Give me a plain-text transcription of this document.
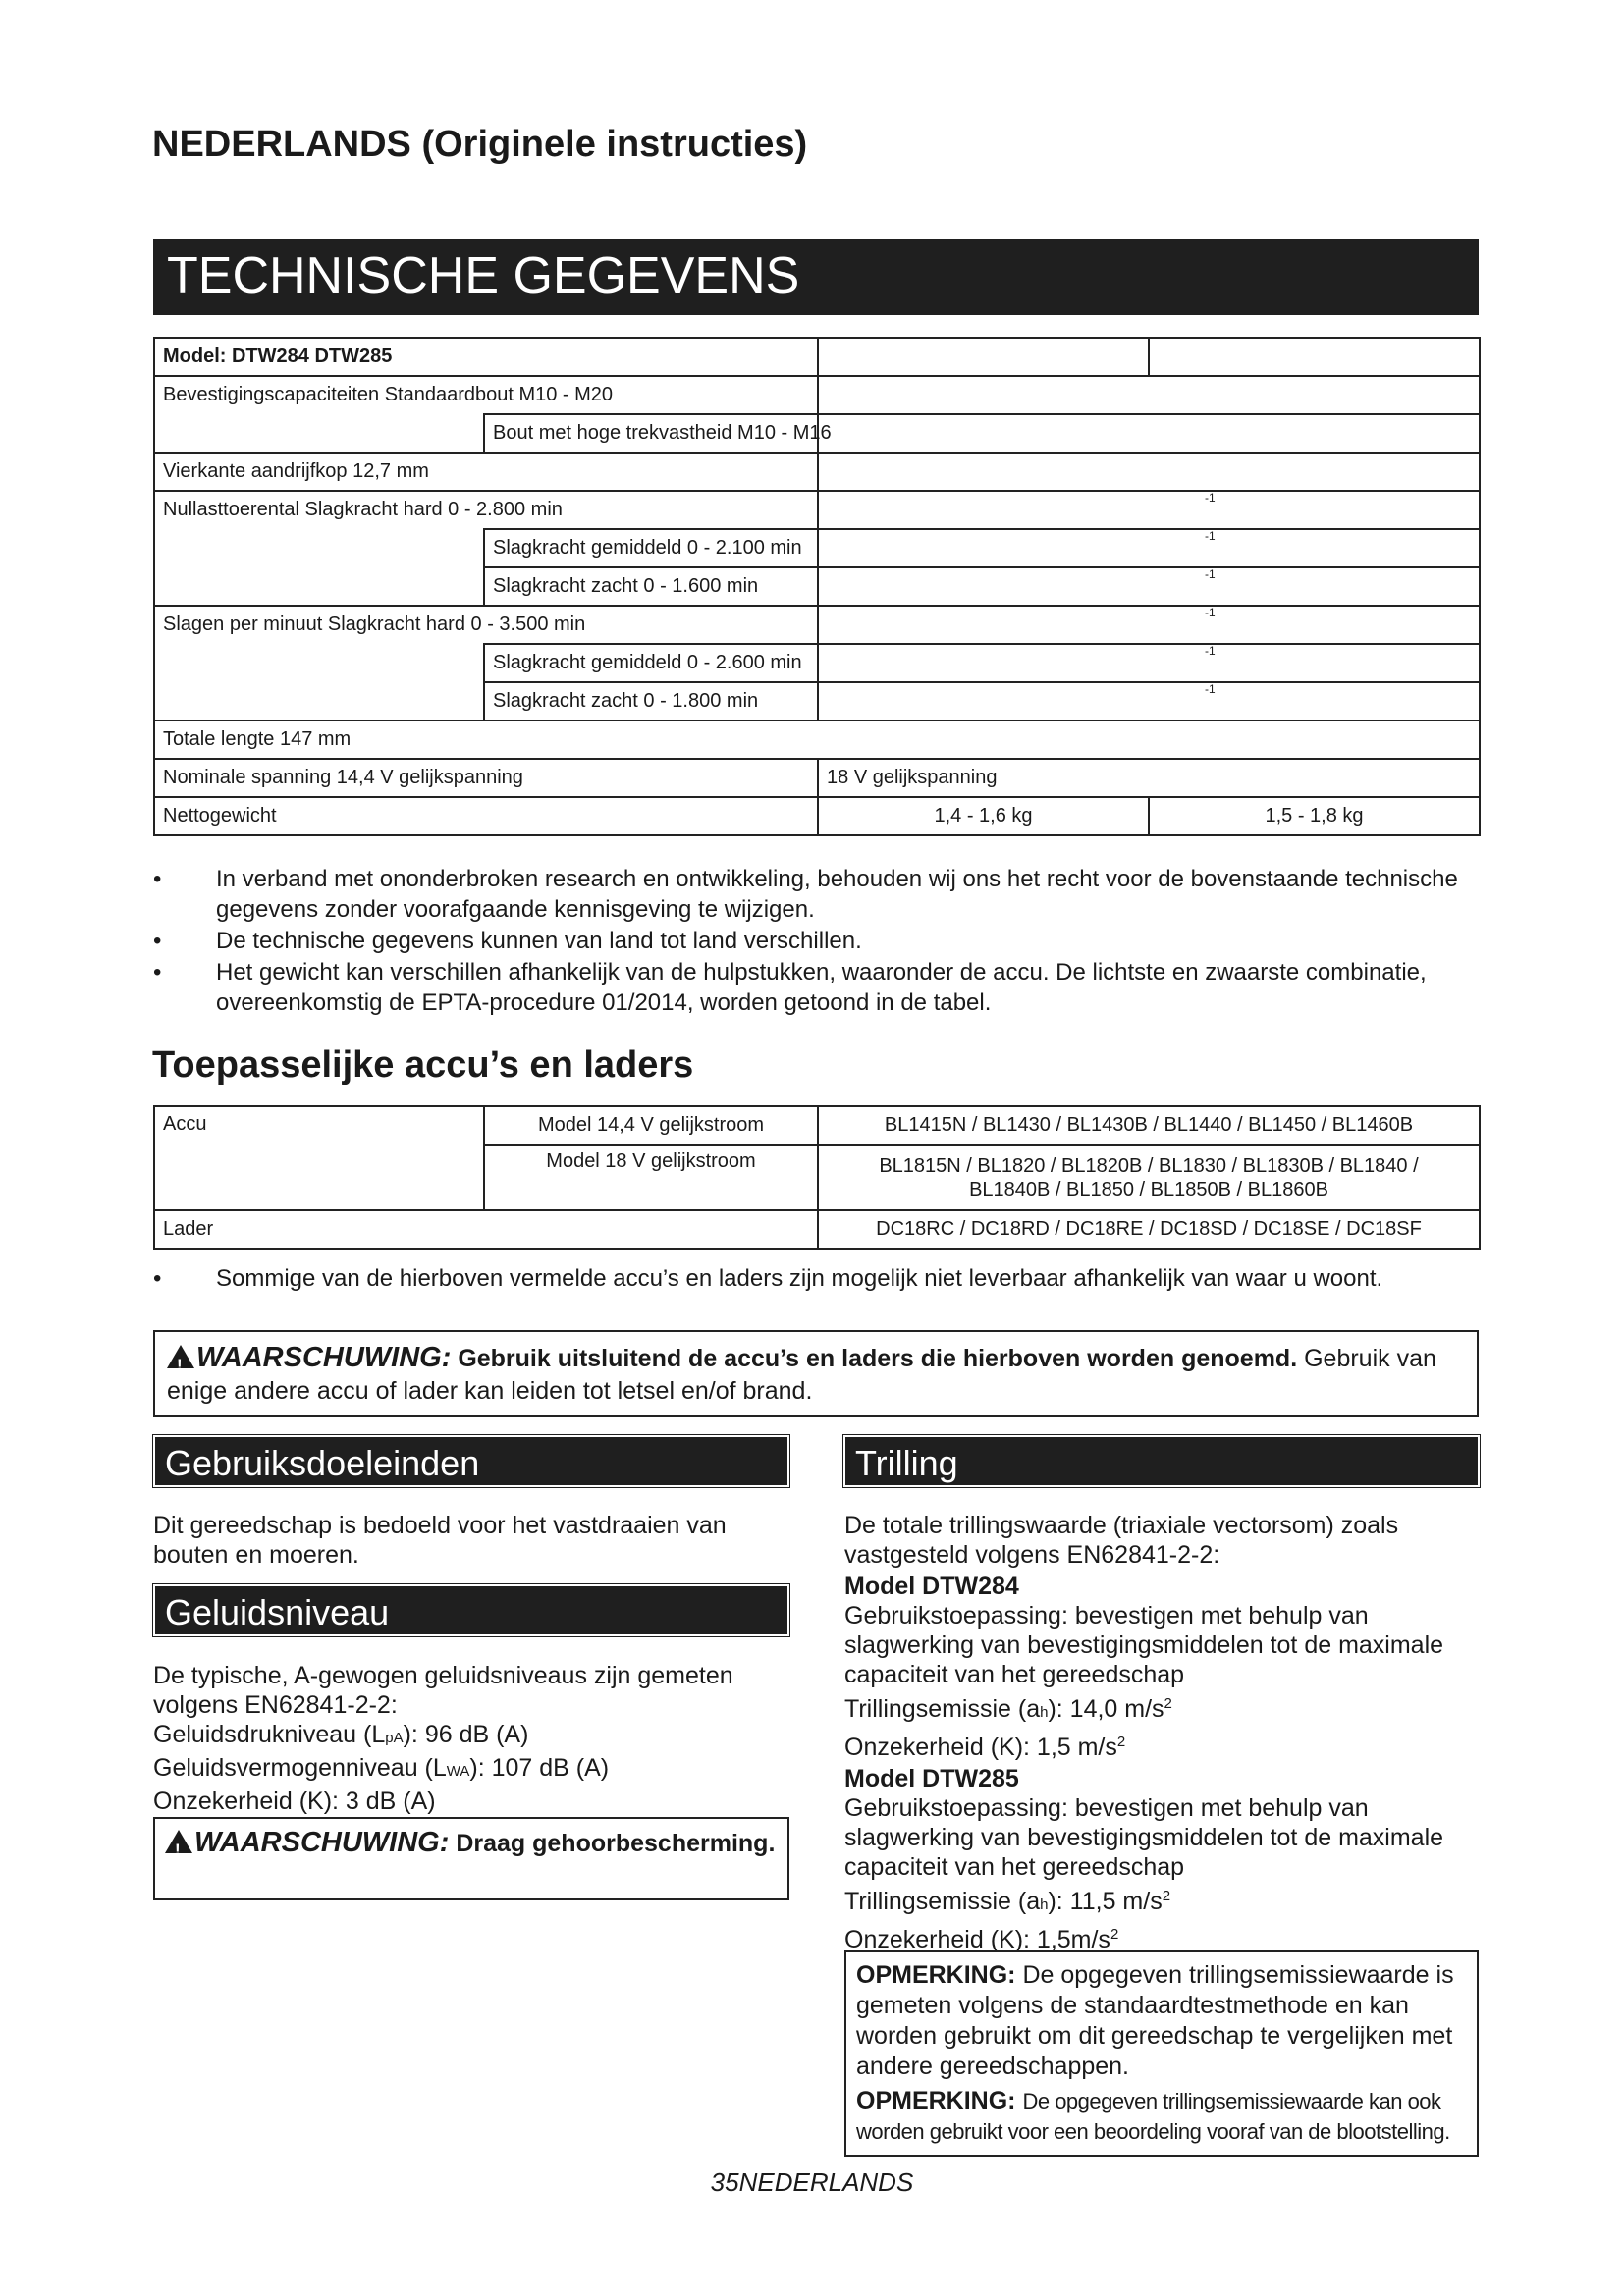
NEDERLANDS (Originele instructies)
TECHNISCHE GEGEVENS
Model: DTW284 DTW285			
Bevestigingscapaciteiten Standaardbout M10 - M20			
	Bout met hoge trekvastheid M10 - M16		
Vierkante aandrijfkop 12,7 mm			
Nullasttoerental Slagkracht hard 0 - 2.800 min		$^{-1}$
	Slagkracht gemiddeld 0 - 2.100 min	$^{-1}$
	Slagkracht zacht 0 - 1.600 min	$^{-1}$
Slagen per minuut Slagkracht hard 0 - 3.500 min		$^{-1}$
	Slagkracht gemiddeld 0 - 2.600 min	$^{-1}$
	Slagkracht zacht 0 - 1.800 min	$^{-1}$
Totale lengte 147 mm			
Nominale spanning 14,4 V gelijkspanning		18 V gelijkspanning	
Nettogewicht		1,4 - 1,6 kg	1,5 - 1,8 kg
• In verband met ononderbroken research en ontwikkeling, behouden wij ons het recht voor de bovenstaande technische gegevens zonder voorafgaande kennisgeving te wijzigen.
• De technische gegevens kunnen van land tot land verschillen.
• Het gewicht kan verschillen afhankelijk van de hulpstukken, waaronder de accu. De lichtste en zwaarste combinatie, overeenkomstig de EPTA-procedure 01/2014, worden getoond in de tabel.
Toepasselijke accu’s en laders
Accu	Model 14,4 V gelijkstroom	BL1415N / BL1430 / BL1430B / BL1440 / BL1450 / BL1460B
	Model 18 V gelijkstroom	BL1815N / BL1820 / BL1820B / BL1830 / BL1830B / BL1840 /
BL1840B / BL1850 / BL1850B / BL1860B

Lader		DC18RC / DC18RD / DC18RE / DC18SD / DC18SE / DC18SF
• Sommige van de hierboven vermelde accu’s en laders zijn mogelijk niet leverbaar afhankelijk van waar u woont.
!WAARSCHUWING: Gebruik uitsluitend de accu’s en laders die hierboven worden genoemd. Gebruik van enige andere accu of lader kan leiden tot letsel en/of brand.
Gebruiksdoeleinden
Dit gereedschap is bedoeld voor het vastdraaien van bouten en moeren.
Geluidsniveau
De typische, A-gewogen geluidsniveaus zijn gemeten volgens EN62841-2-2:
Geluidsdrukniveau (LpA): 96 dB (A)
Geluidsvermogenniveau (LWA): 107 dB (A)
Onzekerheid (K): 3 dB (A)
!WAARSCHUWING: Draag gehoorbescherming.
Trilling
De totale trillingswaarde (triaxiale vectorsom) zoals vastgesteld volgens EN62841-2-2:
Model DTW284
Gebruikstoepassing: bevestigen met behulp van slagwerking van bevestigingsmiddelen tot de maximale capaciteit van het gereedschap
Trillingsemissie (ah): 14,0 $m/s^2$
Onzekerheid (K): 1,5 $m/s^2$
Model DTW285
Gebruikstoepassing: bevestigen met behulp van slagwerking van bevestigingsmiddelen tot de maximale capaciteit van het gereedschap
Trillingsemissie (ah): 11,5 $m/s^2$
Onzekerheid (K): $1,5m/s^2$
OPMERKING: De opgegeven trillingsemissiewaarde is gemeten volgens de standaardtestmethode en kan worden gebruikt om dit gereedschap te vergelijken met andere gereedschappen.
OPMERKING: De opgegeven trillingsemissiewaarde kan ook worden gebruikt voor een beoordeling vooraf van de blootstelling.
35NEDERLANDS
